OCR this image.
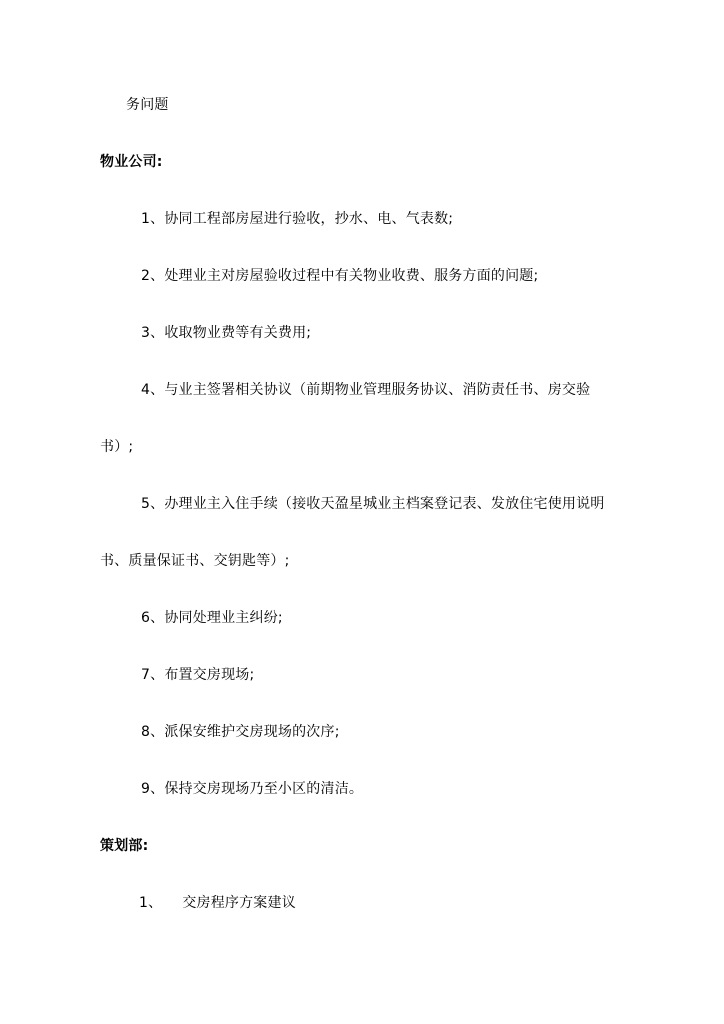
务问题
物业公司:
1、协同工程部房屋进行验收，抄水、电、气表数;
2、处理业主对房屋验收过程中有关物业收费、服务方面的问题;
3、收取物业费等有关费用;
4、与业主签署相关协议（前期物业管理服务协议、消防责任书、房交验
书）;
5、办理业主入住手续（接收天盈星城业主档案登记表、发放住宅使用说明
书、质量保证书、交钥匙等）;
6、协同处理业主纠纷;
7、布置交房现场;
8、派保安维护交房现场的次序;
9、保持交房现场乃至小区的清洁。
策划部:
1、 交房程序方案建议
